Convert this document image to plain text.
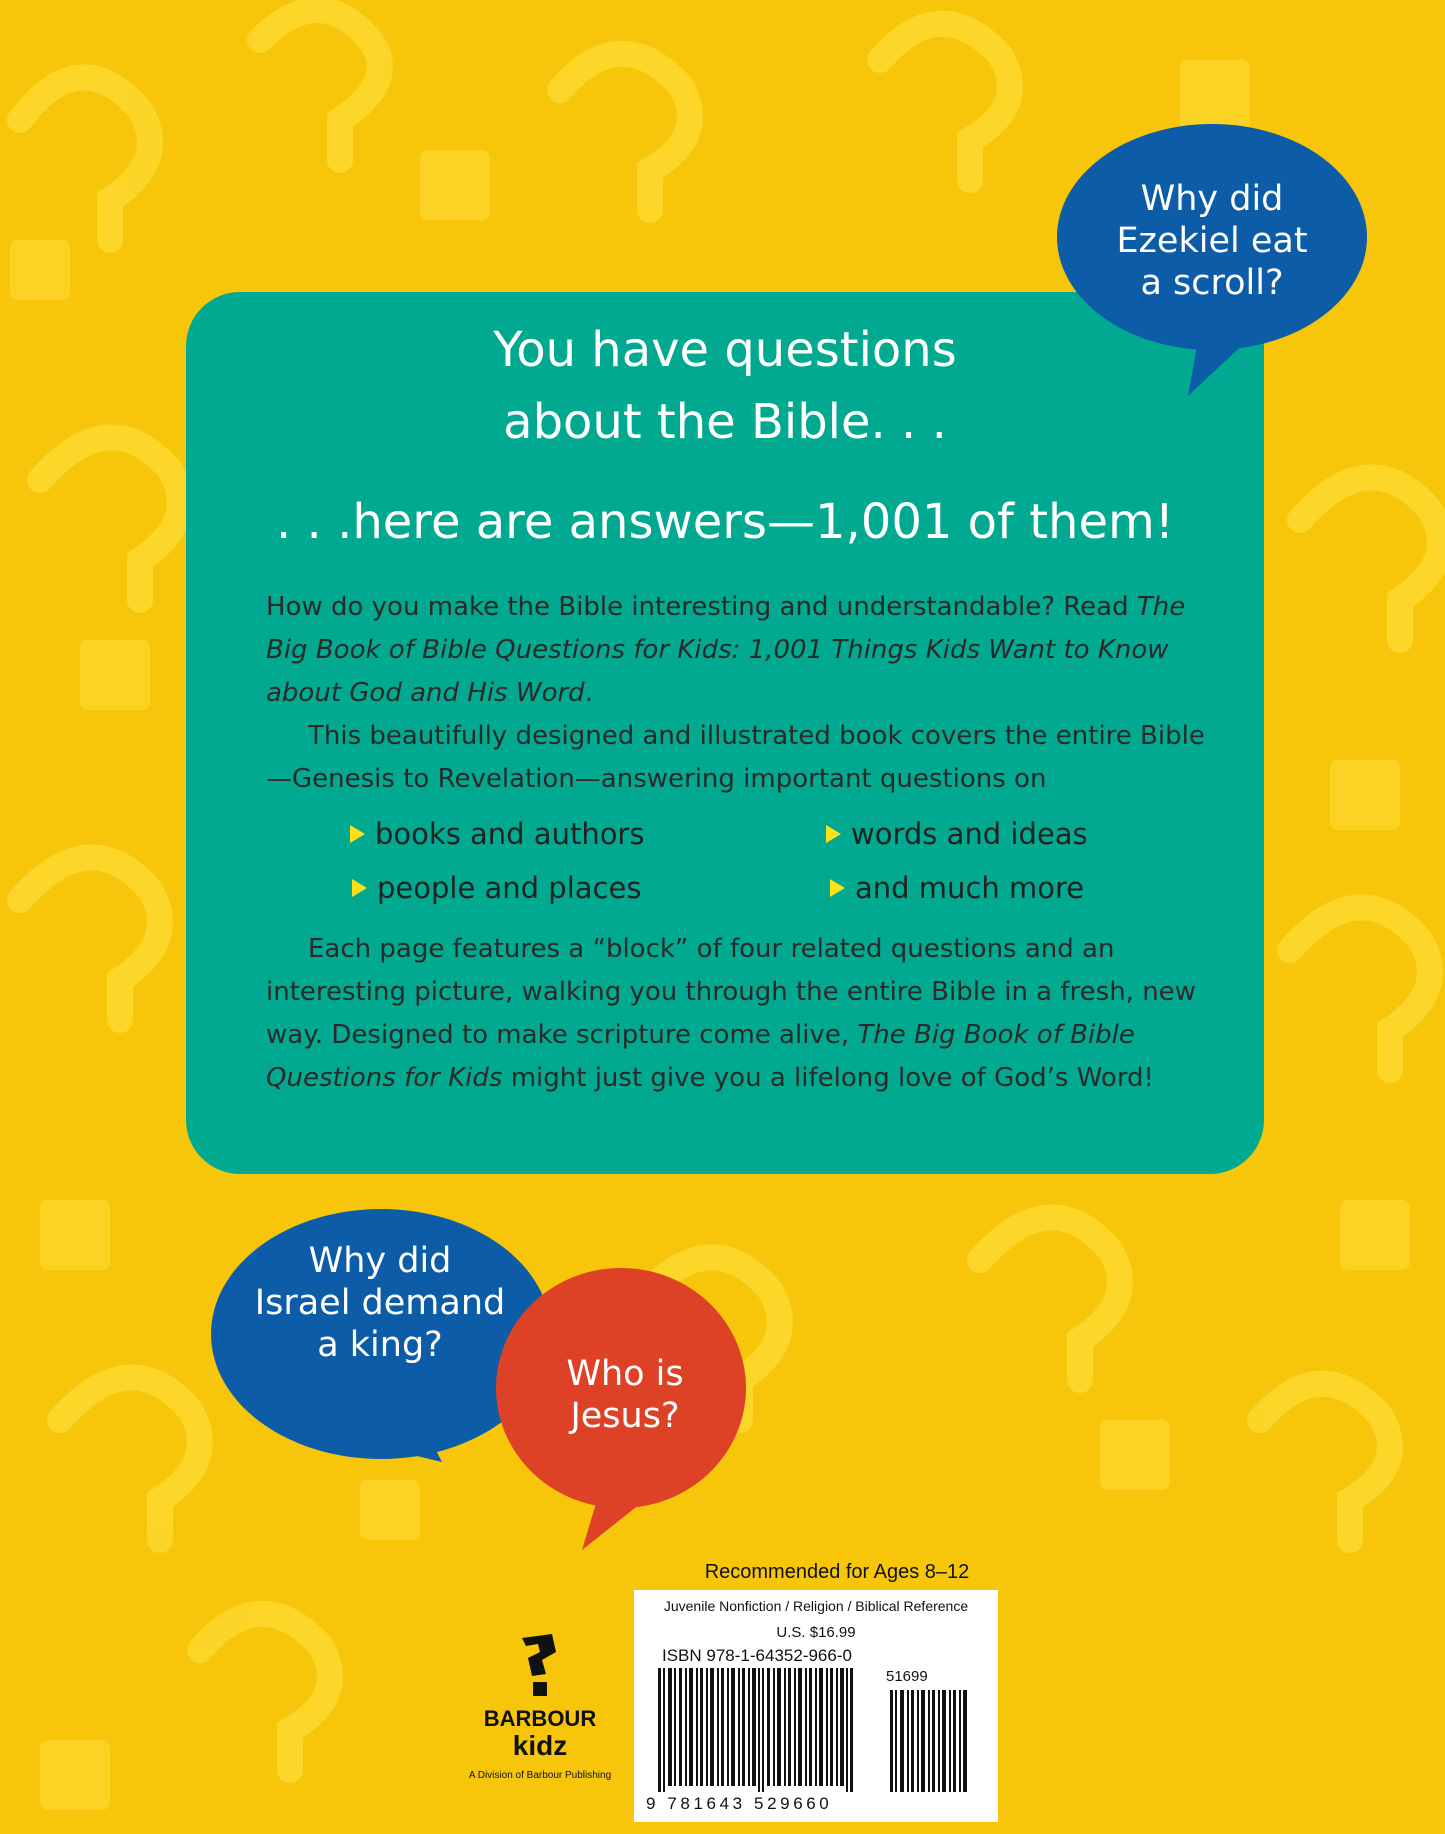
You have questions
about the Bible. . .
. . .here are answers—1,001 of them!
How do you make the Bible interesting and understandable? Read The Big Book of Bible Questions for Kids: 1,001 Things Kids Want to Know about God and His Word.
This beautifully designed and illustrated book covers the entire Bible—Genesis to Revelation—answering important questions on
books and authors	words and ideas
people and places	and much more
Each page features a “block” of four related questions and an interesting picture, walking you through the entire Bible in a fresh, new way. Designed to make scripture come alive, The Big Book of Bible Questions for Kids might just give you a lifelong love of God’s Word!
Why did
Ezekiel eat
a scroll?
Why did
Israel demand
a king?
Who is
Jesus?
BARBOUR
kidz
A Division of Barbour Publishing
Recommended for Ages 8–12
Juvenile Nonfiction / Religion / Biblical Reference
U.S. $16.99
ISBN 978-1-64352-966-0
51699
9 781643 529660
